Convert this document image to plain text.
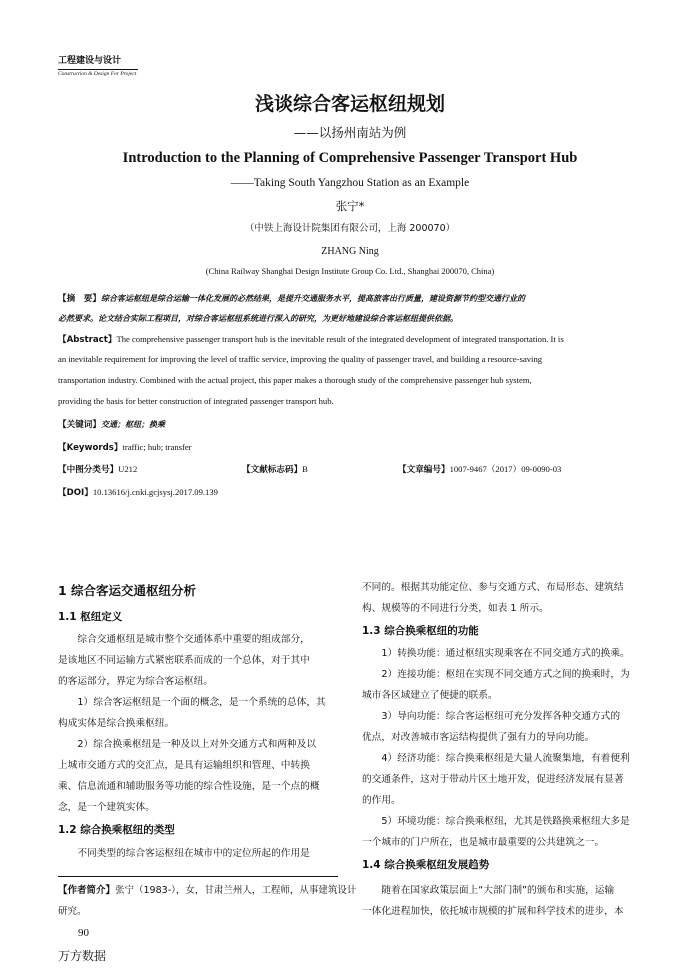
工程建设与设计
Construction & Design For Project
浅谈综合客运枢纽规划
——以扬州南站为例
Introduction to the Planning of Comprehensive Passenger Transport Hub
——Taking South Yangzhou Station as an Example
张宁*
（中铁上海设计院集团有限公司，上海 200070）
ZHANG Ning
(China Railway Shanghai Design Institute Group Co. Ltd., Shanghai 200070, China)
【摘　要】综合客运枢纽是综合运输一体化发展的必然结果，是提升交通服务水平，提高旅客出行质量，建设资源节约型交通行业的
必然要求。论文结合实际工程项目，对综合客运枢纽系统进行深入的研究，为更好地建设综合客运枢纽提供依据。
【Abstract】The comprehensive passenger transport hub is the inevitable result of the integrated development of integrated transportation. It is
an inevitable requirement for improving the level of traffic service, improving the quality of passenger travel, and building a resource-saving
transportation industry. Combined with the actual project, this paper makes a thorough study of the comprehensive passenger hub system,
providing the basis for better construction of integrated passenger transport hub.
【关键词】交通；枢纽；换乘
【Keywords】traffic; hub; transfer
【中图分类号】U212	【文献标志码】B	【文章编号】1007-9467（2017）09-0090-03
【DOI】10.13616/j.cnki.gcjsysj.2017.09.139
1 综合客运交通枢纽分析
1.1 枢纽定义
　　综合交通枢纽是城市整个交通体系中重要的组成部分，
是该地区不同运输方式紧密联系而成的一个总体，对于其中
的客运部分，界定为综合客运枢纽。
　　1）综合客运枢纽是一个面的概念，是一个系统的总体，其
构成实体是综合换乘枢纽。
　　2）综合换乘枢纽是一种及以上对外交通方式和两种及以
上城市交通方式的交汇点，是具有运输组织和管理、中转换
乘、信息流通和辅助服务等功能的综合性设施，是一个点的概
念，是一个建筑实体。
1.2 综合换乘枢纽的类型
　　不同类型的综合客运枢纽在城市中的定位所起的作用是
【作者简介】张宁（1983-），女，甘肃兰州人，工程师，从事建筑设计
研究。
不同的。根据其功能定位、参与交通方式、布局形态、建筑结
构、规模等的不同进行分类，如表 1 所示。
1.3 综合换乘枢纽的功能
　　1）转换功能：通过枢纽实现乘客在不同交通方式的换乘。
　　2）连接功能：枢纽在实现不同交通方式之间的换乘时，为
城市各区域建立了便捷的联系。
　　3）导向功能：综合客运枢纽可充分发挥各种交通方式的
优点，对改善城市客运结构提供了强有力的导向功能。
　　4）经济功能：综合换乘枢纽是大量人流聚集地，有着便利
的交通条件，这对于带动片区土地开发，促进经济发展有显著
的作用。
　　5）环境功能：综合换乘枢纽，尤其是铁路换乘枢纽大多是
一个城市的门户所在，也是城市最重要的公共建筑之一。
1.4 综合换乘枢纽发展趋势
　　随着在国家政策层面上“大部门制”的颁布和实施，运输
一体化进程加快，依托城市规模的扩展和科学技术的进步，本
90
万方数据
